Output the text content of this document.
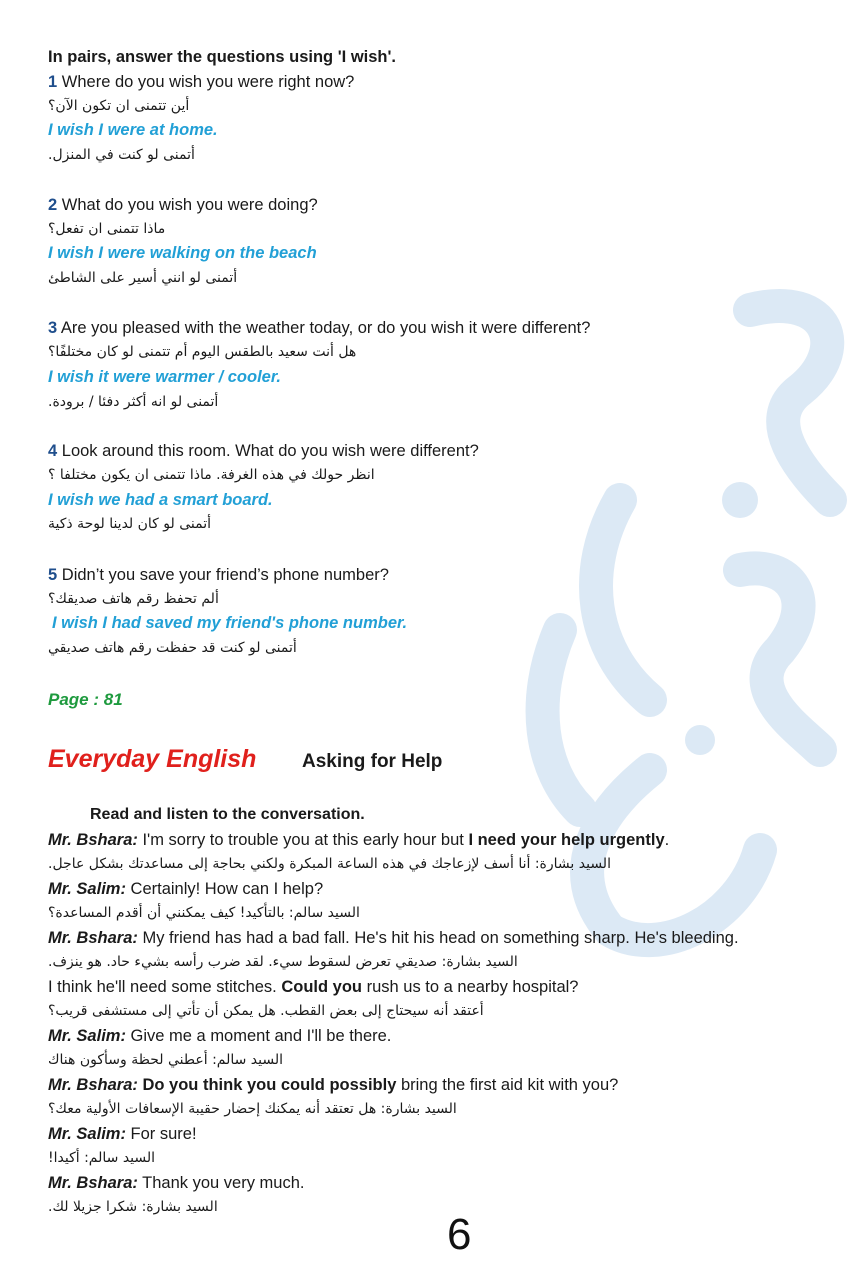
In pairs, answer the questions using 'I wish'.
1 Where do you wish you were right now?
أين تتمنى ان تكون الآن؟
I wish I were at home.
أتمنى لو كنت في المنزل.
2 What do you wish you were doing?
ماذا تتمنى ان تفعل؟
I wish I were walking on the beach
أتمنى لو انني أسير على الشاطئ
3 Are you pleased with the weather today, or do you wish it were different?
هل أنت سعيد بالطقس اليوم أم تتمنى لو كان مختلفًا؟
I wish it were warmer / cooler.
أتمنى لو انه أكثر دفئا / برودة.
4 Look around this room. What do you wish were different?
انظر حولك في هذه الغرفة. ماذا تتمنى ان يكون مختلفا ؟
I wish we had a smart board.
أتمنى لو كان لدينا لوحة ذكية
5 Didn’t you save your friend’s phone number?
ألم تحفظ رقم هاتف صديقك؟
I wish I had saved my friend's phone number.
أتمنى لو كنت قد حفظت رقم هاتف صديقي
Page : 81
Everyday English Asking for Help
Read and listen to the conversation.
Mr. Bshara: I'm sorry to trouble you at this early hour but I need your help urgently.
السيد بشارة: أنا أسف لإزعاجك في هذه الساعة المبكرة ولكني بحاجة إلى مساعدتك بشكل عاجل.
Mr. Salim: Certainly! How can I help?
السيد سالم: بالتأكيد! كيف يمكنني أن أقدم المساعدة؟
Mr. Bshara: My friend has had a bad fall. He's hit his head on something sharp. He's bleeding.
السيد بشارة: صديقي تعرض لسقوط سيء. لقد ضرب رأسه بشيء حاد. هو ينزف.
I think he'll need some stitches. Could you rush us to a nearby hospital?
أعتقد أنه سيحتاج إلى بعض القطب. هل يمكن أن تأتي إلى مستشفى قريب؟
Mr. Salim: Give me a moment and I'll be there.
السيد سالم: أعطني لحظة وسأكون هناك
Mr. Bshara: Do you think you could possibly bring the first aid kit with you?
السيد بشارة: هل تعتقد أنه يمكنك إحضار حقيبة الإسعافات الأولية معك؟
Mr. Salim: For sure!
السيد سالم: أكيدا!
Mr. Bshara: Thank you very much.
السيد بشارة: شكرا جزيلا لك.
6
